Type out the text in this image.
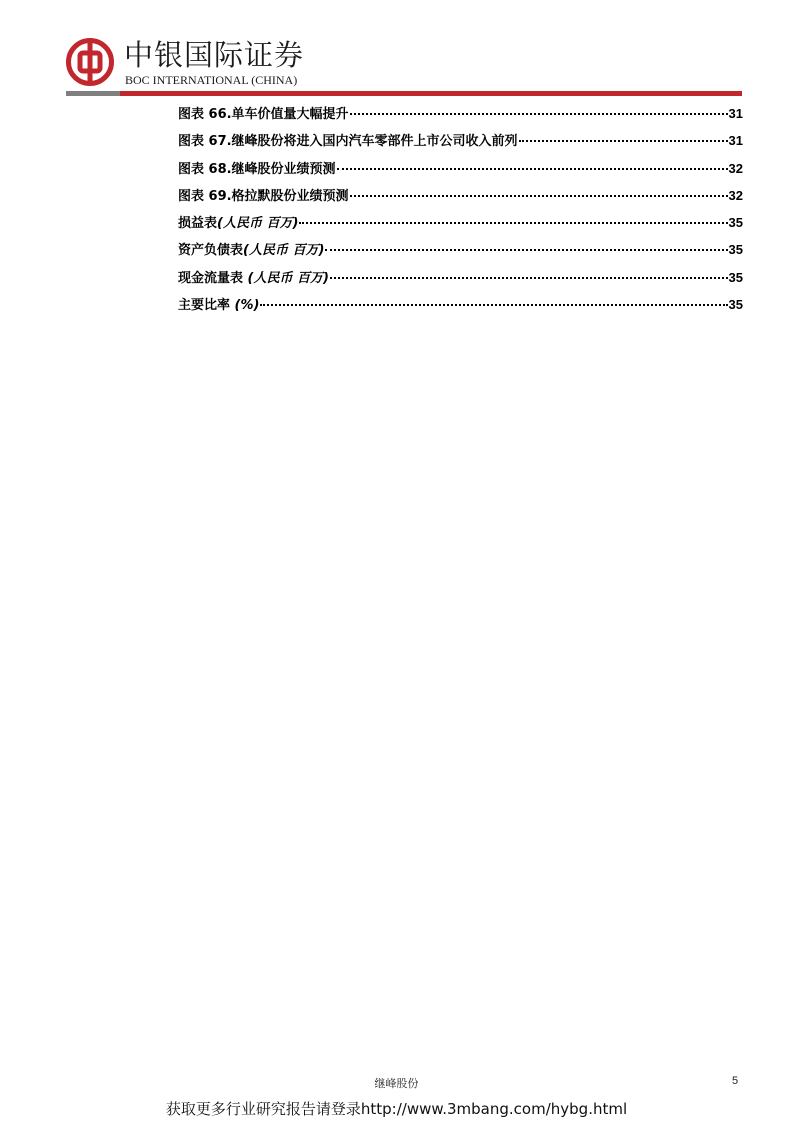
中银国际证券
BOC INTERNATIONAL (CHINA)
图表 66.单车价值量大幅提升	31
图表 67.继峰股份将进入国内汽车零部件上市公司收入前列	31
图表 68.继峰股份业绩预测	32
图表 69.格拉默股份业绩预测	32
损益表(人民币 百万)	35
资产负债表(人民币 百万)	35
现金流量表 (人民币 百万)	35
主要比率 (%)	35
继峰股份	5
获取更多行业研究报告请登录http://www.3mbang.com/hybg.html
